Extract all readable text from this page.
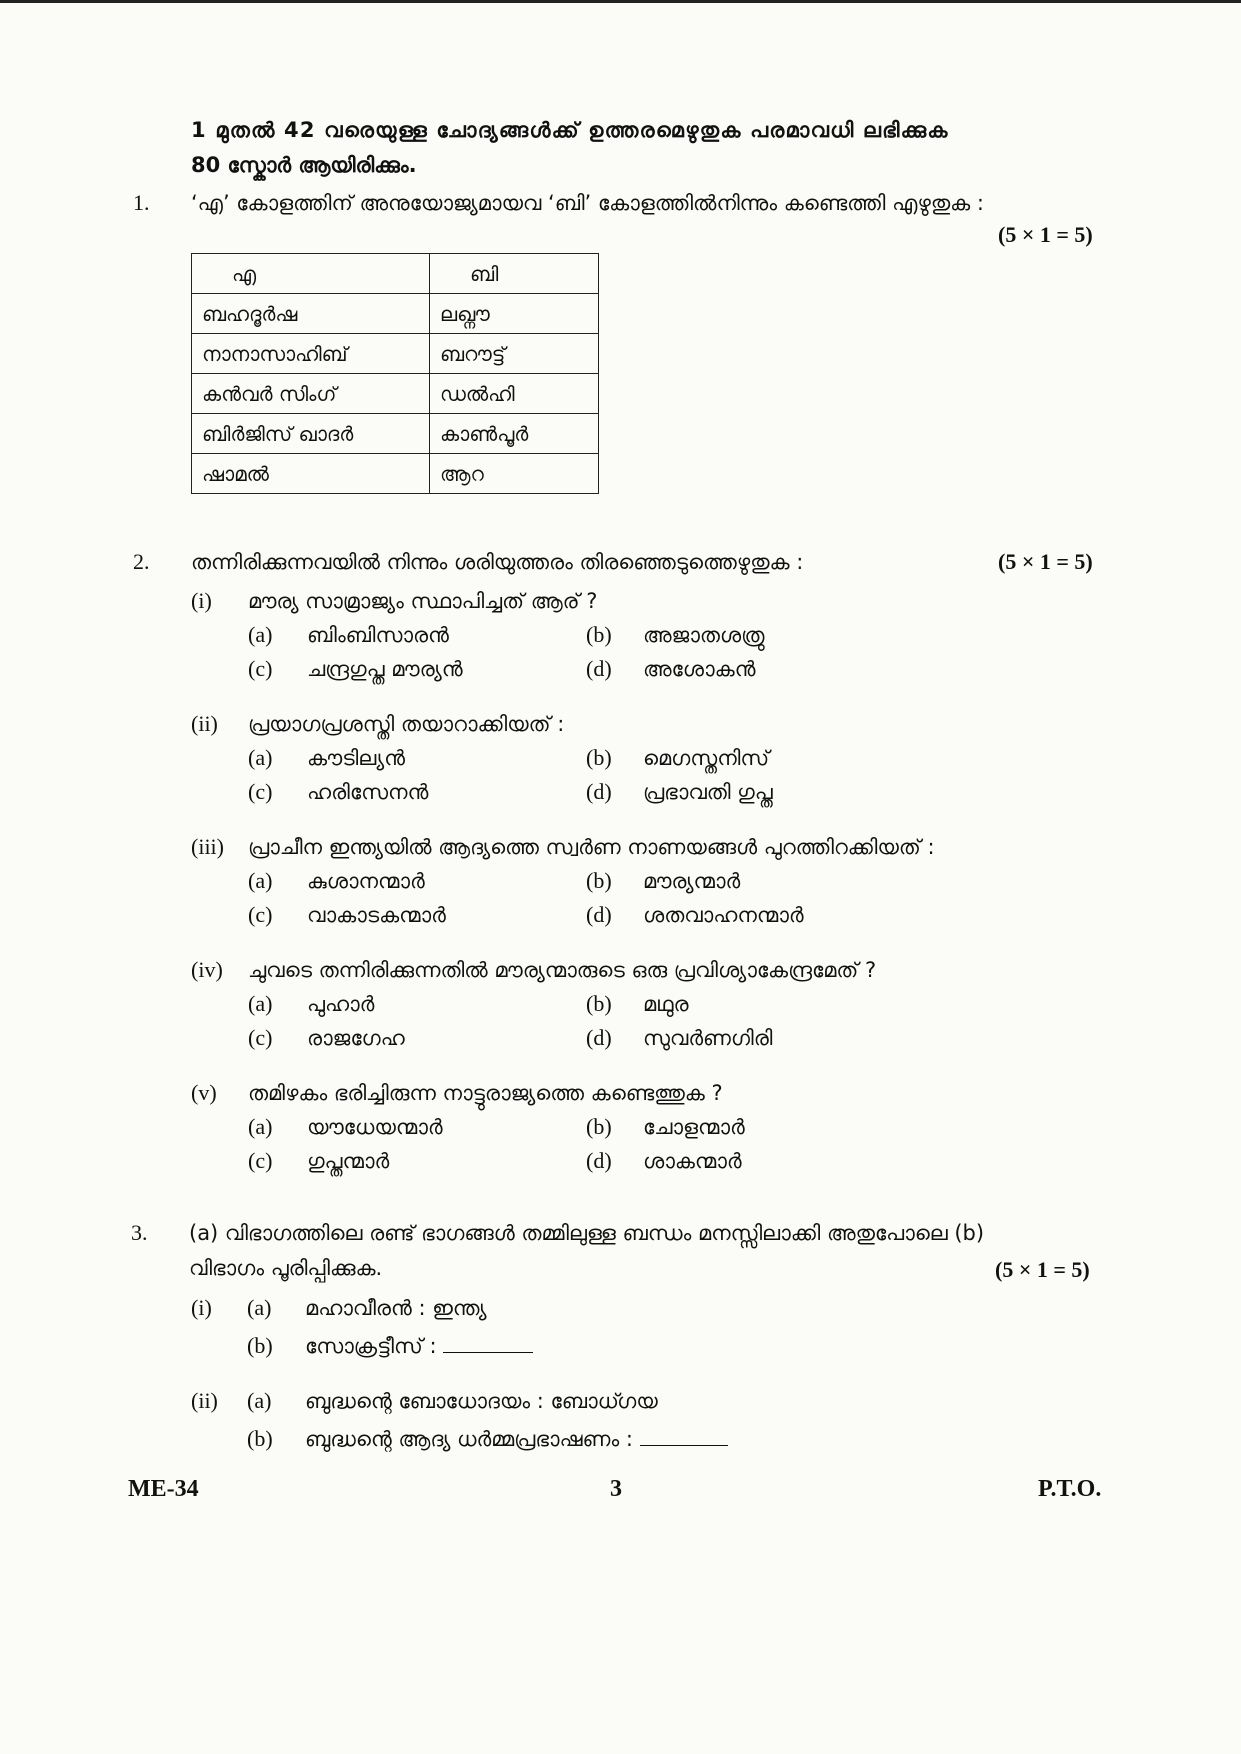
1 മുതല്‍ 42 വരെയുള്ള ചോദ്യങ്ങള്‍ക്ക് ഉത്തരമെഴുതുക പരമാവധി ലഭിക്കുക
80 സ്കോര്‍ ആയിരിക്കും.
1. ‘എ’ കോളത്തിന് അനുയോജ്യമായവ ‘ബി’ കോളത്തില്‍നിന്നും കണ്ടെത്തി എഴുതുക :
(5 × 1 = 5)
എ	ബി
ബഹദൂര്‍ഷ	ലഖ്നൗ
നാനാസാഹിബ്	ബറൗട്ട്
കന്‍വര്‍ സിംഗ്	ഡല്‍ഹി
ബിര്‍ജിസ് ഖാദര്‍	കാണ്‍പൂര്‍
ഷാമല്‍	ആറ
2. തന്നിരിക്കുന്നവയില്‍ നിന്നും ശരിയുത്തരം തിരഞ്ഞെടുത്തെഴുതുക :	(5 × 1 = 5)
(i) മൗര്യ സാമ്രാജ്യം സ്ഥാപിച്ചത് ആര് ?
(a) ബിംബിസാരന്‍	(b) അജാതശത്രു
(c) ചന്ദ്രഗുപ്ത മൗര്യന്‍	(d) അശോകന്‍
(ii) പ്രയാഗപ്രശസ്തി തയാറാക്കിയത് :
(a) കൗടില്യന്‍	(b) മെഗസ്തനിസ്
(c) ഹരിസേനന്‍	(d) പ്രഭാവതി ഗുപ്ത
(iii) പ്രാചീന ഇന്ത്യയില്‍ ആദ്യത്തെ സ്വര്‍ണ നാണയങ്ങള്‍ പുറത്തിറക്കിയത് :
(a) കുശാനന്മാര്‍	(b) മൗര്യന്മാര്‍
(c) വാകാടകന്മാര്‍	(d) ശതവാഹനന്മാര്‍
(iv) ചുവടെ തന്നിരിക്കുന്നതില്‍ മൗര്യന്മാരുടെ ഒരു പ്രവിശ്യാകേന്ദ്രമേത് ?
(a) പുഹാര്‍	(b) മഥുര
(c) രാജഗേഹ	(d) സുവര്‍ണഗിരി
(v) തമിഴകം ഭരിച്ചിരുന്ന നാട്ടുരാജ്യത്തെ കണ്ടെത്തുക ?
(a) യൗധേയന്മാര്‍	(b) ചോളന്മാര്‍
(c) ഗുപ്തന്മാര്‍	(d) ശാകന്മാര്‍
3. (a) വിഭാഗത്തിലെ രണ്ട് ഭാഗങ്ങള്‍ തമ്മിലുള്ള ബന്ധം മനസ്സിലാക്കി അതുപോലെ (b)
വിഭാഗം പൂരിപ്പിക്കുക.	(5 × 1 = 5)
(i) (a) മഹാവീരന്‍ : ഇന്ത്യ
(b) സോക്രട്ടീസ് :
(ii) (a) ബുദ്ധന്റെ ബോധോദയം : ബോധ്ഗയ
(b) ബുദ്ധന്റെ ആദ്യ ധര്‍മ്മപ്രഭാഷണം :
ME-34	3	P.T.O.
